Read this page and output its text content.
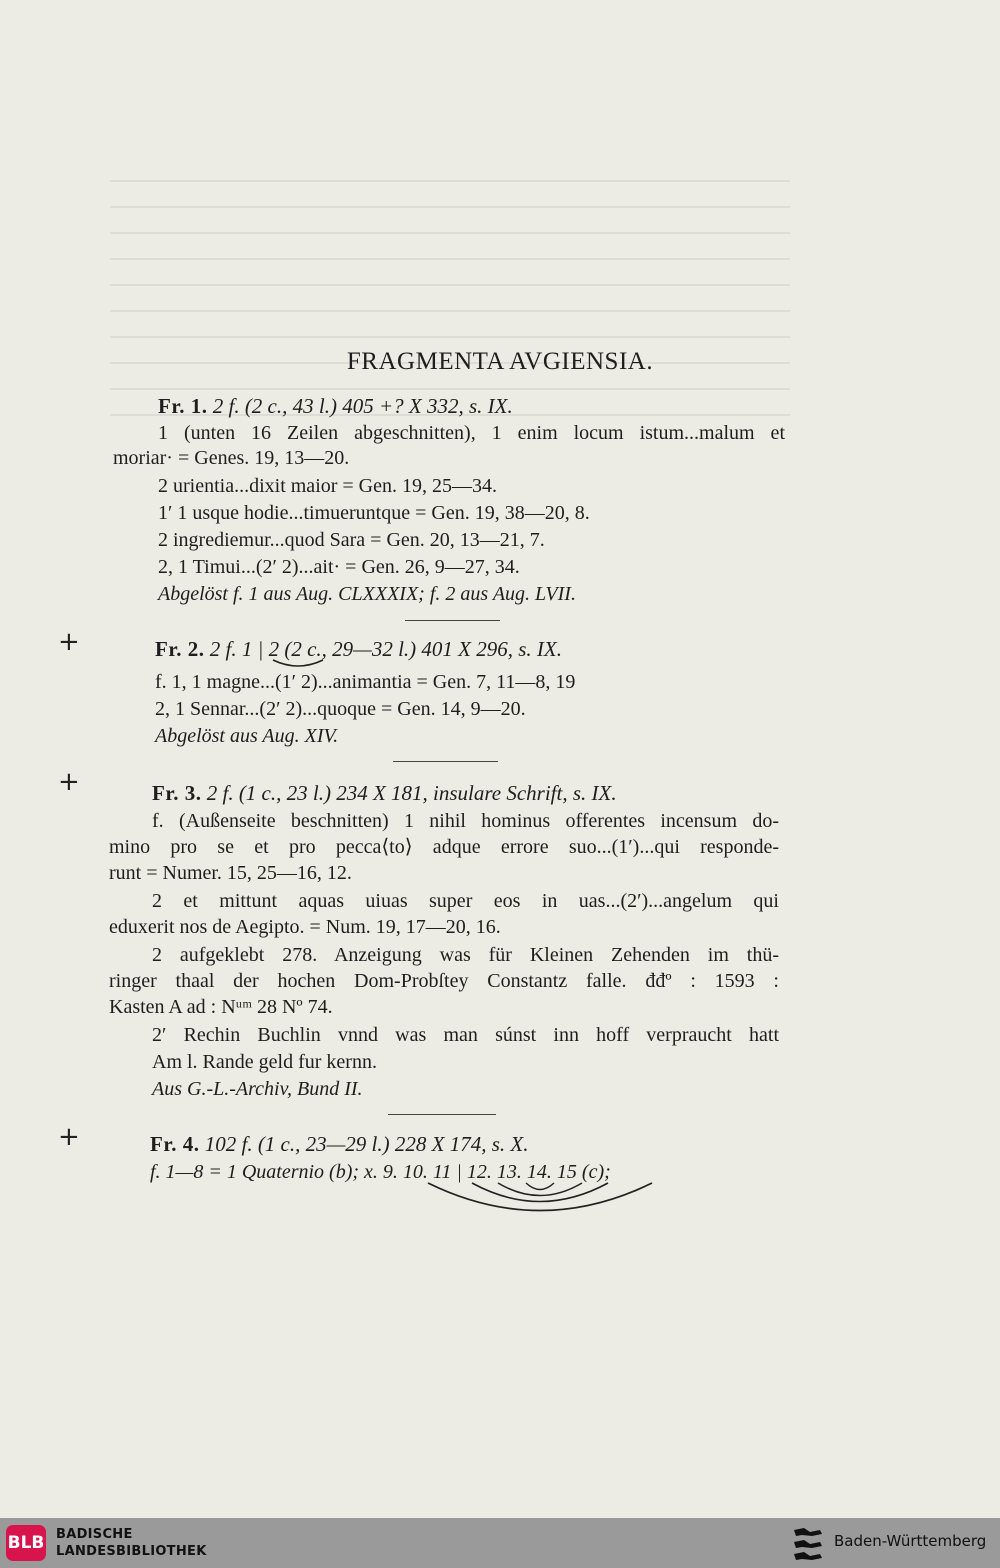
FRAGMENTA AVGIENSIA.
Fr. 1. 2 f. (2 c., 43 l.) 405 +? X 332, s. IX.
1 (unten 16 Zeilen abgeschnitten), 1 enim locum istum...malum et
moriar· = Genes. 19, 13—20.
2 urientia...dixit maior = Gen. 19, 25—34.
1′ 1 usque hodie...timueruntque = Gen. 19, 38—20, 8.
2 ingrediemur...quod Sara = Gen. 20, 13—21, 7.
2, 1 Timui...(2′ 2)...ait· = Gen. 26, 9—27, 34.
Abgelöst f. 1 aus Aug. CLXXXIX; f. 2 aus Aug. LVII.
+	Fr. 2. 2 f. 1 | 2 (2 c., 29—32 l.) 401 X 296, s. IX.
f. 1, 1 magne...(1′ 2)...animantia = Gen. 7, 11—8, 19
2, 1 Sennar...(2′ 2)...quoque = Gen. 14, 9—20.
Abgelöst aus Aug. XIV.
+	Fr. 3. 2 f. (1 c., 23 l.) 234 X 181, insulare Schrift, s. IX.
f. (Außenseite beschnitten) 1 nihil hominus offerentes incensum do-
mino pro se et pro pecca⟨to⟩ adque errore suo...(1′)...qui responde-
runt = Numer. 15, 25—16, 12.
2 et mittunt aquas uiuas super eos in uas...(2′)...angelum qui
eduxerit nos de Aegipto. = Num. 19, 17—20, 16.
2 aufgeklebt 278. Anzeigung was für Kleinen Zehenden im thü-
ringer thaal der hochen Dom-Probſtey Constantz falle. đđº : 1593 :
Kasten A ad : Nᵘᵐ 28 Nº 74.
2′ Rechin Buchlin vnnd was man súnst inn hoff verpraucht hatt
Am l. Rande geld fur kernn.
Aus G.-L.-Archiv, Bund II.
+	Fr. 4. 102 f. (1 c., 23—29 l.) 228 X 174, s. X.
f. 1—8 = 1 Quaternio (b); x. 9. 10. 11 | 12. 13. 14. 15 (c);
BLB BADISCHE
LANDESBIBLIOTHEK
Baden-Württemberg
